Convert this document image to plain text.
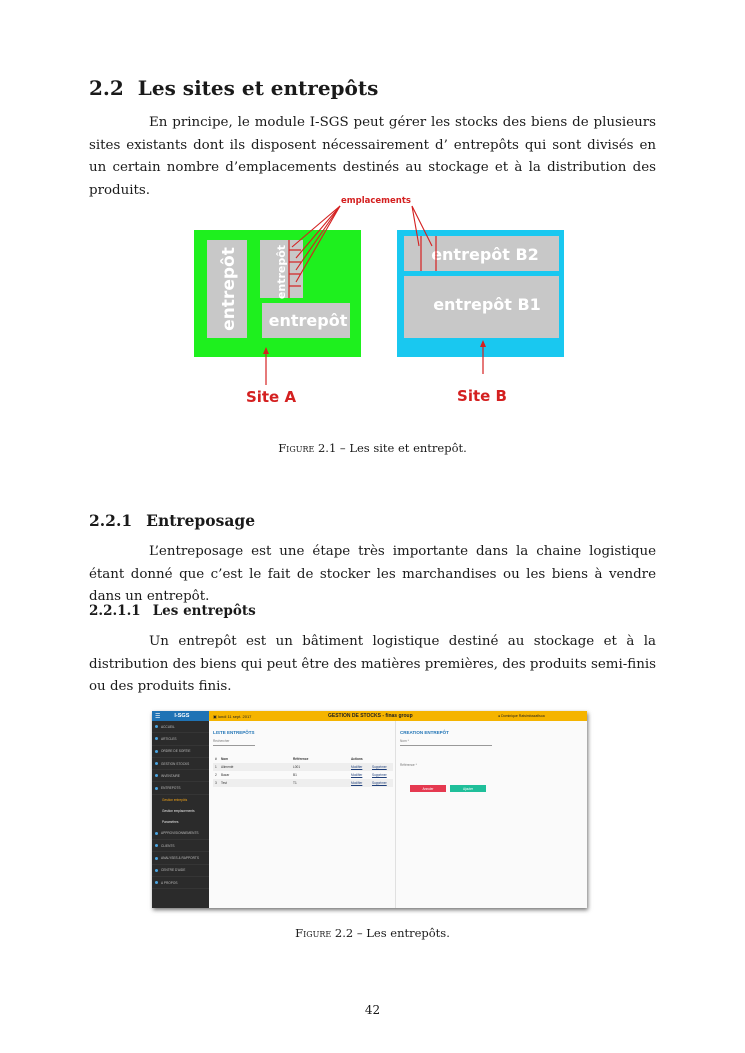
2.2 Les sites et entrepôts
En principe, le module I-SGS peut gérer les stocks des biens de plusieurs sites existants dont ils disposent nécessairement d’ entrepôts qui sont divisés en un certain nombre d’emplacements destinés au stockage et à la distribution des produits.
entrepôt	entrepôt
entrepôt
entrepôt B2
entrepôt B1
emplacements
Site A	Site B
Figure 2.1 – Les site et entrepôt.
2.2.1 Entreposage
L’entreposage est une étape très importante dans la chaine logistique étant donné que c’est le fait de stocker les marchandises ou les biens à vendre dans un entrepôt.
2.2.1.1 Les entrepôts
Un entrepôt est un bâtiment logistique destiné au stockage et à la distribution des biens qui peut être des matières premières, des produits semi-finis ou des produits finis.
☰	I-SGS
ACCUEIL
ARTICLES
ORDRE DE SORTIE
GESTION STOCKS
INVENTAIRE
ENTREPOTS
Gestion entrepôts
Gestion emplacements
Paramètres
APPROVISIONNEMENTS
CLIENTS
ANALYSES & RAPPORTS
CENTRE D'AIDE
A PROPOS
▣ lundi 11 sept. 2017	GESTION DE STOCKS - finas group	● Dominique Ratsimbazafisoa
LISTE ENTREPÔTS
Rechercher
#	Nom	Référence	Actions
1	Alimenté	L001	Modifier	Supprimer
2	Bazar	B1	Modifier	Supprimer
3	Test	T1	Modifier	Supprimer
CREATION ENTREPÔT
Nom *
Référence *
Annuler	Ajouter
Figure 2.2 – Les entrepôts.
42
